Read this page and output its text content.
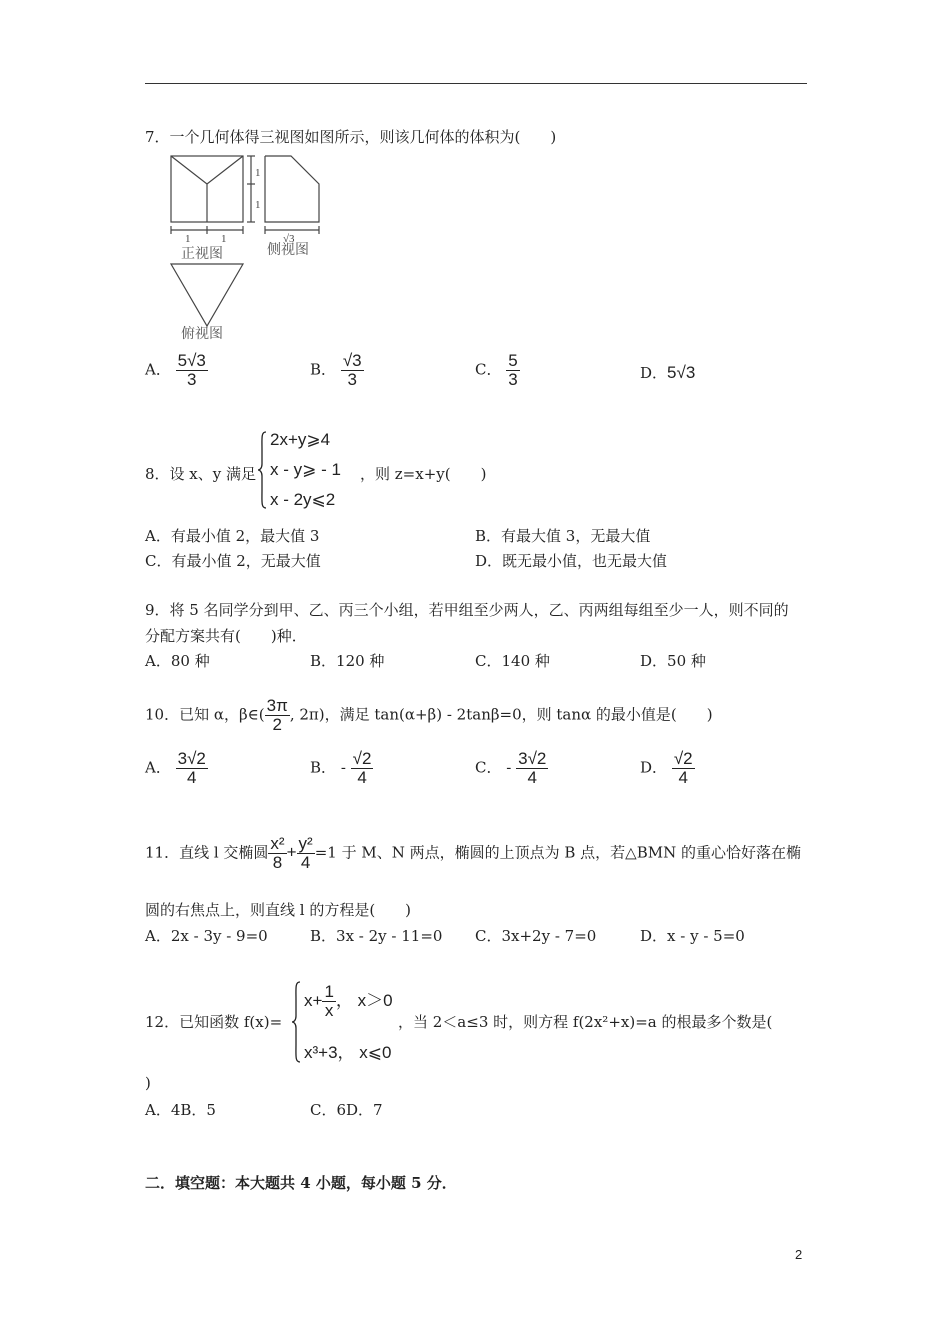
7．一个几何体得三视图如图所示，则该几何体的体积为(　　)
1
1
1	1	√3
正视图	侧视图
俯视图
A． $\frac{5√3}{3}$	B． $\frac{√3}{3}$	C． $\frac{5}{3}$	D．5√3
8．设 x、y 满足
2x+y⩾4
x - y⩾ - 1
x - 2y⩽2
，则 z=x+y(　　)
A．有最小值 2，最大值 3	B．有最大值 3，无最大值
C．有最小值 2，无最大值	D．既无最小值，也无最大值
9．将 5 名同学分到甲、乙、丙三个小组，若甲组至少两人，乙、丙两组每组至少一人，则不同的
分配方案共有(　　)种．
A．80 种	B．120 种	C．140 种	D．50 种
10．已知 α，β∈( $\frac{3\pi}{2}$ , 2π)，满足 tan(α+β) - 2tanβ=0，则 tanα 的最小值是(　　)
A． $\frac{3√2}{4}$	B． - $\frac{√2}{4}$	C． - $\frac{3√2}{4}$	D． $\frac{√2}{4}$
11．直线 l 交椭圆 $\frac{\text{x²}}{8} + \frac{\text{y²}}{4} =1$ 于 M、N 两点，椭圆的上顶点为 B 点，若△BMN 的重心恰好落在椭
圆的右焦点上，则直线 l 的方程是(　　)
A．2x - 3y - 9=0	B．3x - 2y - 11=0 C．3x+2y - 7=0	D．x - y - 5=0
12．已知函数 f(x)=
$x+ \frac{1}{x}$ ， x＞0
x³+3， x⩽0
，当 2＜a≤3 时，则方程 f(2x²+x)=a 的根最多个数是(
)
A．4B．5	C．6D．7
二．填空题：本大题共 4 小题，每小题 5 分．
2
